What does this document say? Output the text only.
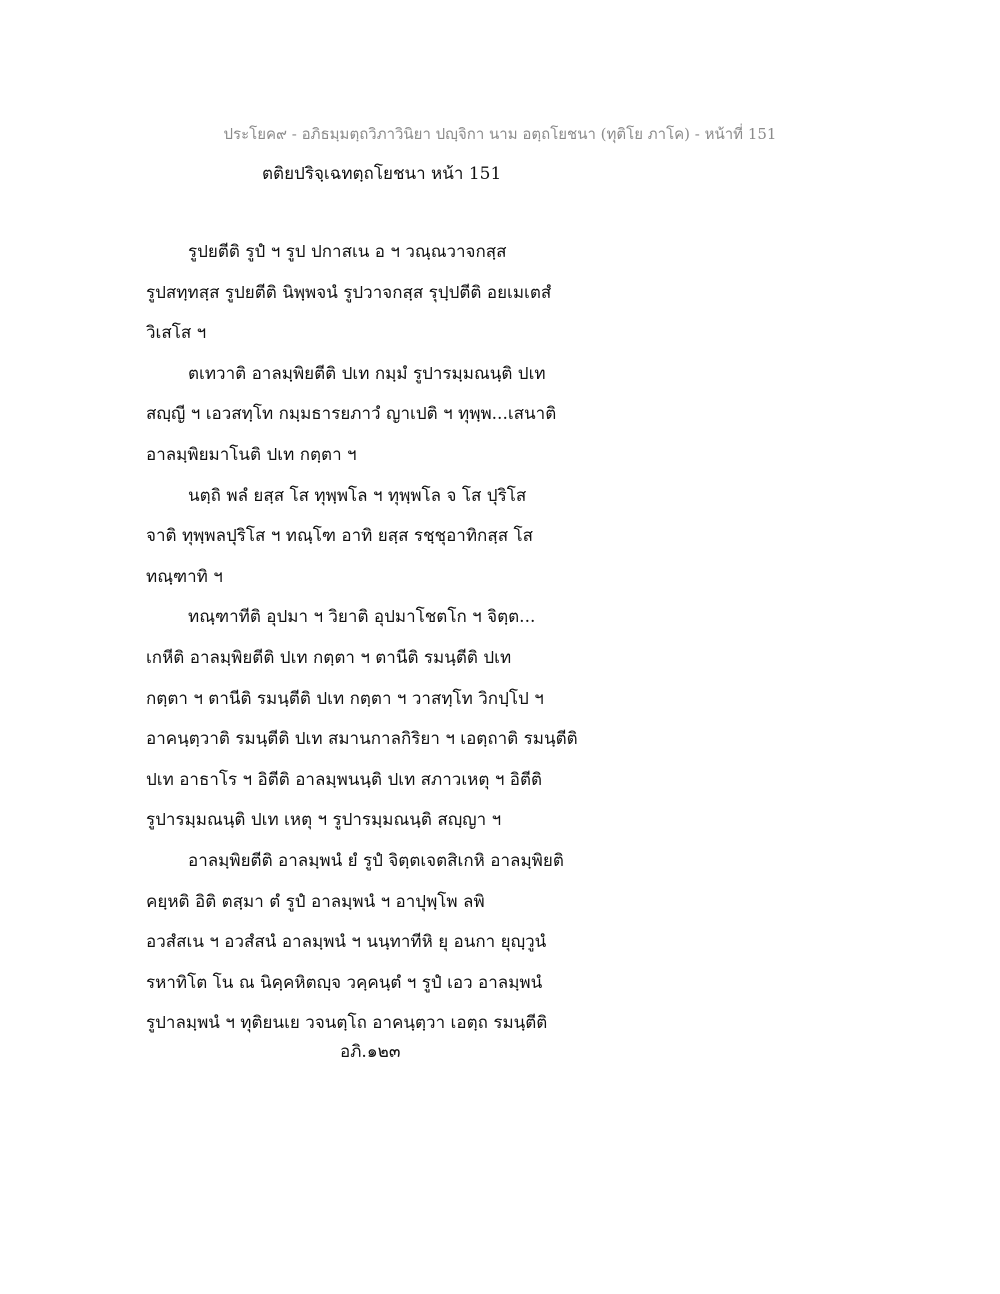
ประโยค๙ - อภิธมฺมตฺถวิภาวินิยา ปญฺจิกา นาม อตฺถโยชนา (ทุติโย ภาโค) - หน้าที่ 151
ตติยปริจฺเฉทตฺถโยชนา หน้า 151
รูปยตีติ รูปํ ฯ รูป ปกาสเน อ ฯ วณฺณวาจกสฺส
รูปสทฺทสฺส รูปยตีติ นิพฺพจนํ รูปวาจกสฺส รุปฺปตีติ อยเมเตสํ
วิเสโส ฯ
ตเทวาติ อาลมฺพิยตีติ ปเท กมฺมํ รูปารมฺมณนฺติ ปเท
สญฺญี ฯ เอวสทฺโท กมฺมธารยภาวํ ญาเปติ ฯ ทุพฺพ...เสนาติ
อาลมฺพิยมาโนติ ปเท กตฺตา ฯ
นตฺถิ พลํ ยสฺส โส ทุพฺพโล ฯ ทุพฺพโล จ โส ปุริโส
จาติ ทุพฺพลปุริโส ฯ ทณฺโฑ อาทิ ยสฺส รชฺชุอาทิกสฺส โส
ทณฺฑาทิ ฯ
ทณฺฑาทีติ อุปมา ฯ วิยาติ อุปมาโชตโก ฯ จิตฺต...
เกหีติ อาลมฺพิยตีติ ปเท กตฺตา ฯ ตานีติ รมนฺตีติ ปเท
กตฺตา ฯ ตานีติ รมนฺตีติ ปเท กตฺตา ฯ วาสทฺโท วิกปฺโป ฯ
อาคนฺตฺวาติ รมนฺตีติ ปเท สมานกาลกิริยา ฯ เอตฺถาติ รมนฺตีติ
ปเท อาธาโร ฯ อิตีติ อาลมฺพนนฺติ ปเท สภาวเหตุ ฯ อิตีติ
รูปารมฺมณนฺติ ปเท เหตุ ฯ รูปารมฺมณนฺติ สญฺญา ฯ
อาลมฺพิยตีติ อาลมฺพนํ ยํ รูปํ จิตฺตเจตสิเกหิ อาลมฺพิยติ
คยฺหติ อิติ ตสฺมา ตํ รูปํ อาลมฺพนํ ฯ อาปุพฺโพ ลพิ
อวสํสเน ฯ อวสํสนํ อาลมฺพนํ ฯ นนฺทาทีหิ ยุ อนกา ยุญฺวูนํ
รหาทิโต โน ณ นิคฺคหิตญฺจ วคฺคนฺตํ ฯ รูปํ เอว อาลมฺพนํ
รูปาลมฺพนํ ฯ ทุติยนเย วจนตฺโถ อาคนฺตฺวา เอตฺถ รมนฺตีติ
อภิ.๑๒๓
